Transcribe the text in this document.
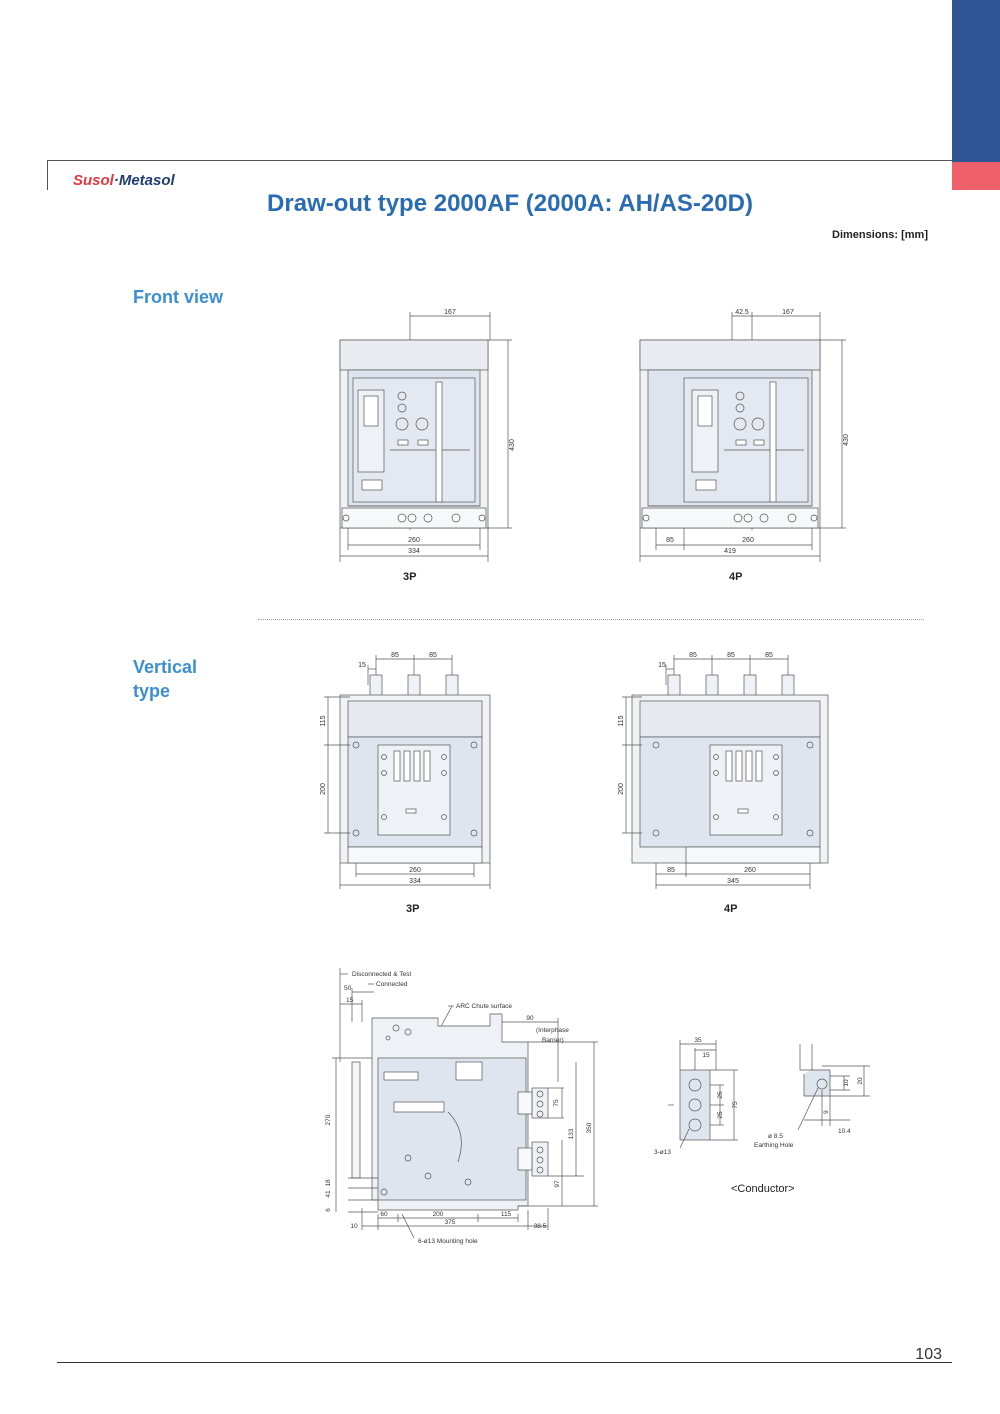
Susol·Metasol
Draw-out type 2000AF (2000A: AH/AS-20D)
Dimensions: [mm]
Front view
Vertical
type
167
430
260
334
3P
42.5	167
430
85	260
419
4P
15
85	85
115
200
260
334
3P
15
85	85	85
115
200
85	260
345
4P
Disconnected & Test
Connected
50
15
ARC Chute surface
90
(Interphase
Barrier)
270
18
41
6
75
133
350
97
60	200	115
10
375
38.5
6-ø13 Mounting hole
35
15
25
25
75
3-ø13
10 20
9
10.4
ø 8.5
Earthing Hole
<Conductor>
103
